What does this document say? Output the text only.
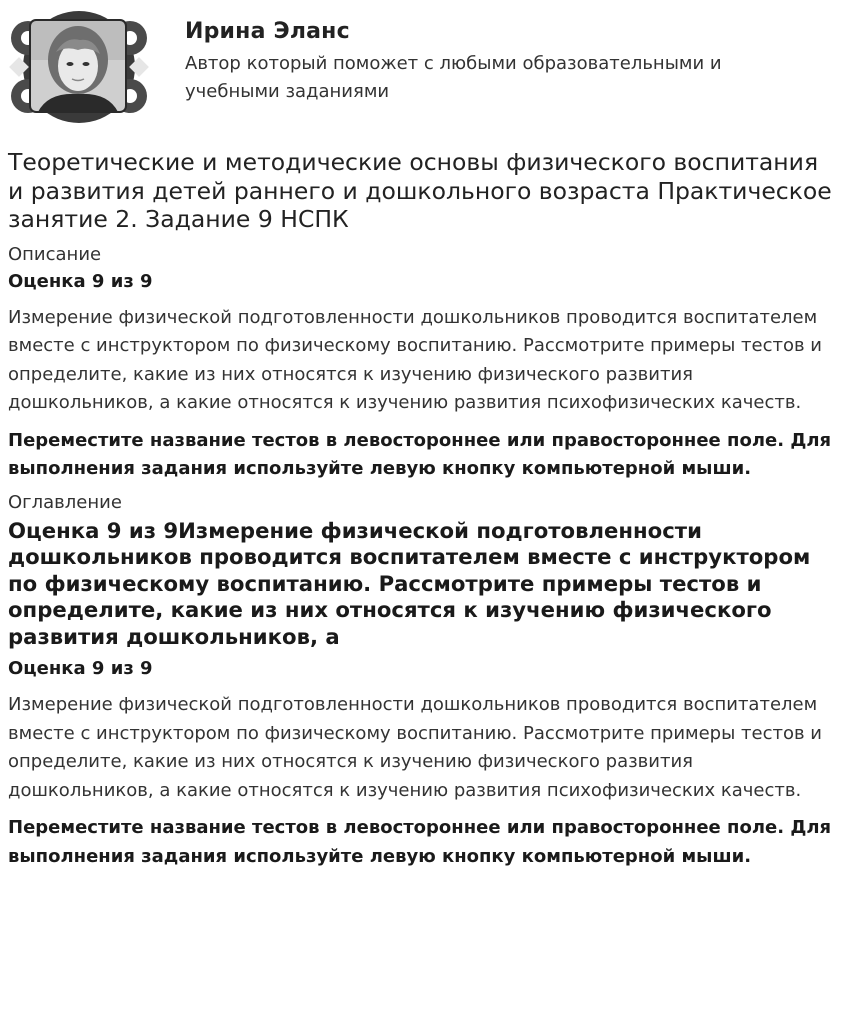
Ирина Эланс
Автор который поможет с любыми образовательными и учебными заданиями
Теоретические и методические основы физического воспитания и развития детей раннего и дошкольного возраста Практическое занятие 2. Задание 9 НСПК
Описание
Оценка 9 из 9

Измерение физической подготовленности дошкольников проводится воспитателем вместе с инструктором по физическому воспитанию. Рассмотрите примеры тестов и определите, какие из них относятся к изучению физического развития дошкольников, а какие относятся к изучению развития психофизических качеств.

Переместите название тестов в левостороннее или правостороннее поле. Для выполнения задания используйте левую кнопку компьютерной мыши.

Оглавление
Оценка 9 из 9Измерение физической подготовленности дошкольников проводится воспитателем вместе с инструктором по физическому воспитанию. Рассмотрите примеры тестов и определите, какие из них относятся к изучению физического развития дошкольников, а
Оценка 9 из 9

Измерение физической подготовленности дошкольников проводится воспитателем вместе с инструктором по физическому воспитанию. Рассмотрите примеры тестов и определите, какие из них относятся к изучению физического развития дошкольников, а какие относятся к изучению развития психофизических качеств.

Переместите название тестов в левостороннее или правостороннее поле. Для выполнения задания используйте левую кнопку компьютерной мыши.
